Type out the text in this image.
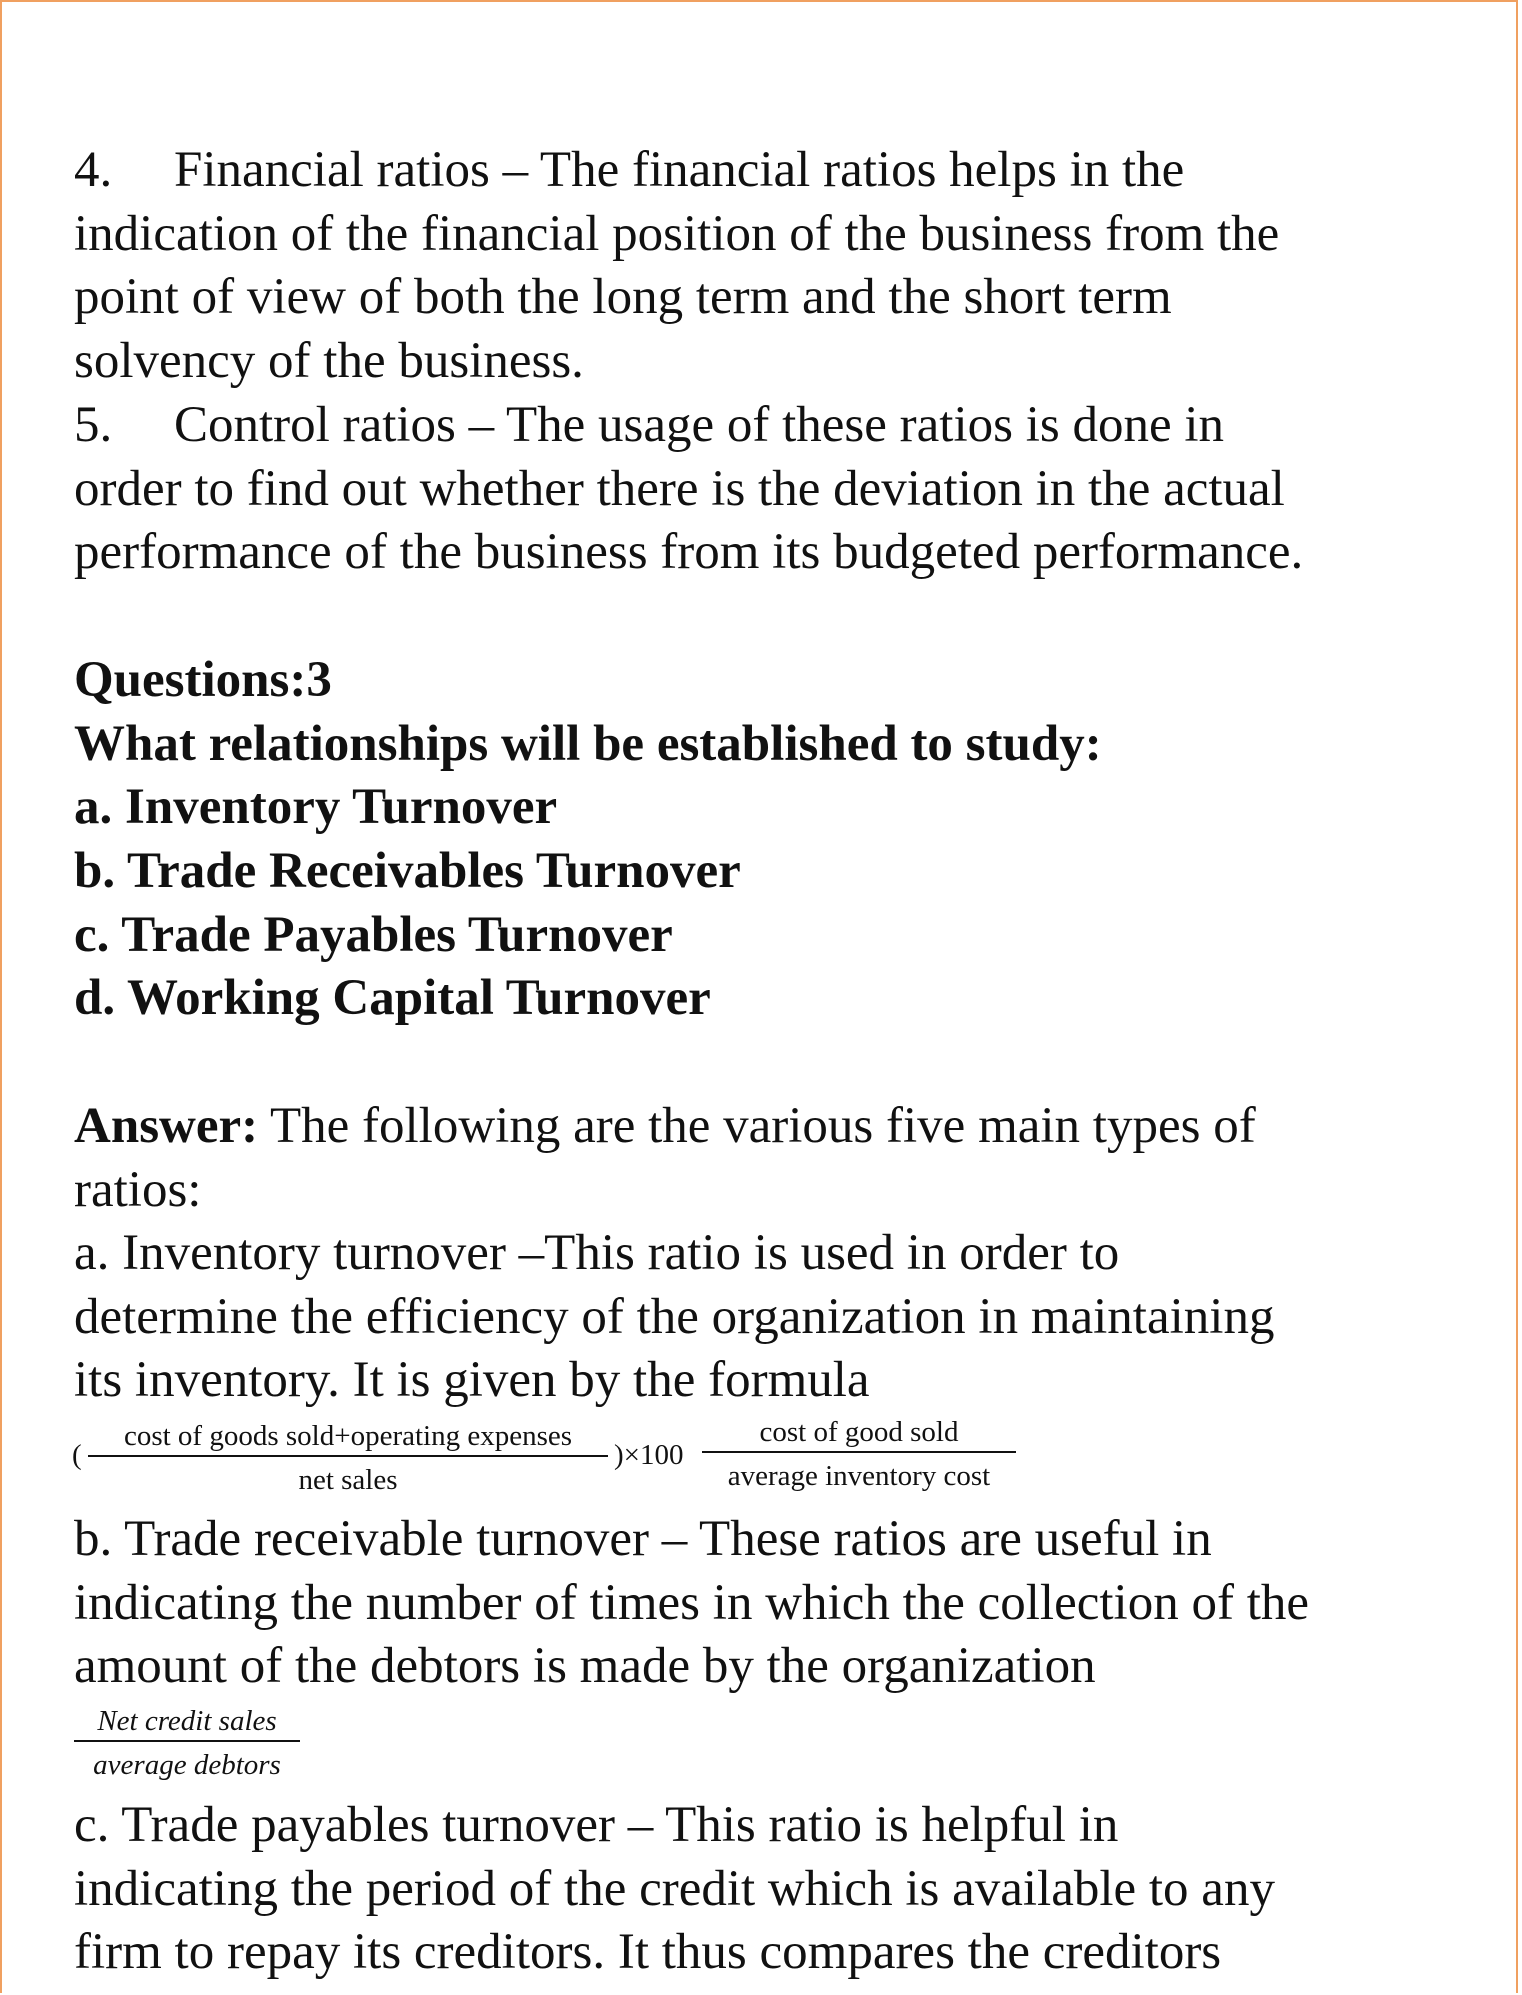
4. Financial ratios – The financial ratios helps in the
indication of the financial position of the business from the
point of view of both the long term and the short term
solvency of the business.
5. Control ratios – The usage of these ratios is done in
order to find out whether there is the deviation in the actual
performance of the business from its budgeted performance.
Questions:3
What relationships will be established to study:
a. Inventory Turnover
b. Trade Receivables Turnover
c. Trade Payables Turnover
d. Working Capital Turnover
Answer: The following are the various five main types of
ratios:
a. Inventory turnover –This ratio is used in order to
determine the efficiency of the organization in maintaining
its inventory. It is given by the formula
(
cost of goods sold+operating expenses
net sales
)×100
cost of good sold
average inventory cost
b. Trade receivable turnover – These ratios are useful in
indicating the number of times in which the collection of the
amount of the debtors is made by the organization
Net credit sales
average debtors
c. Trade payables turnover – This ratio is helpful in
indicating the period of the credit which is available to any
firm to repay its creditors. It thus compares the creditors
